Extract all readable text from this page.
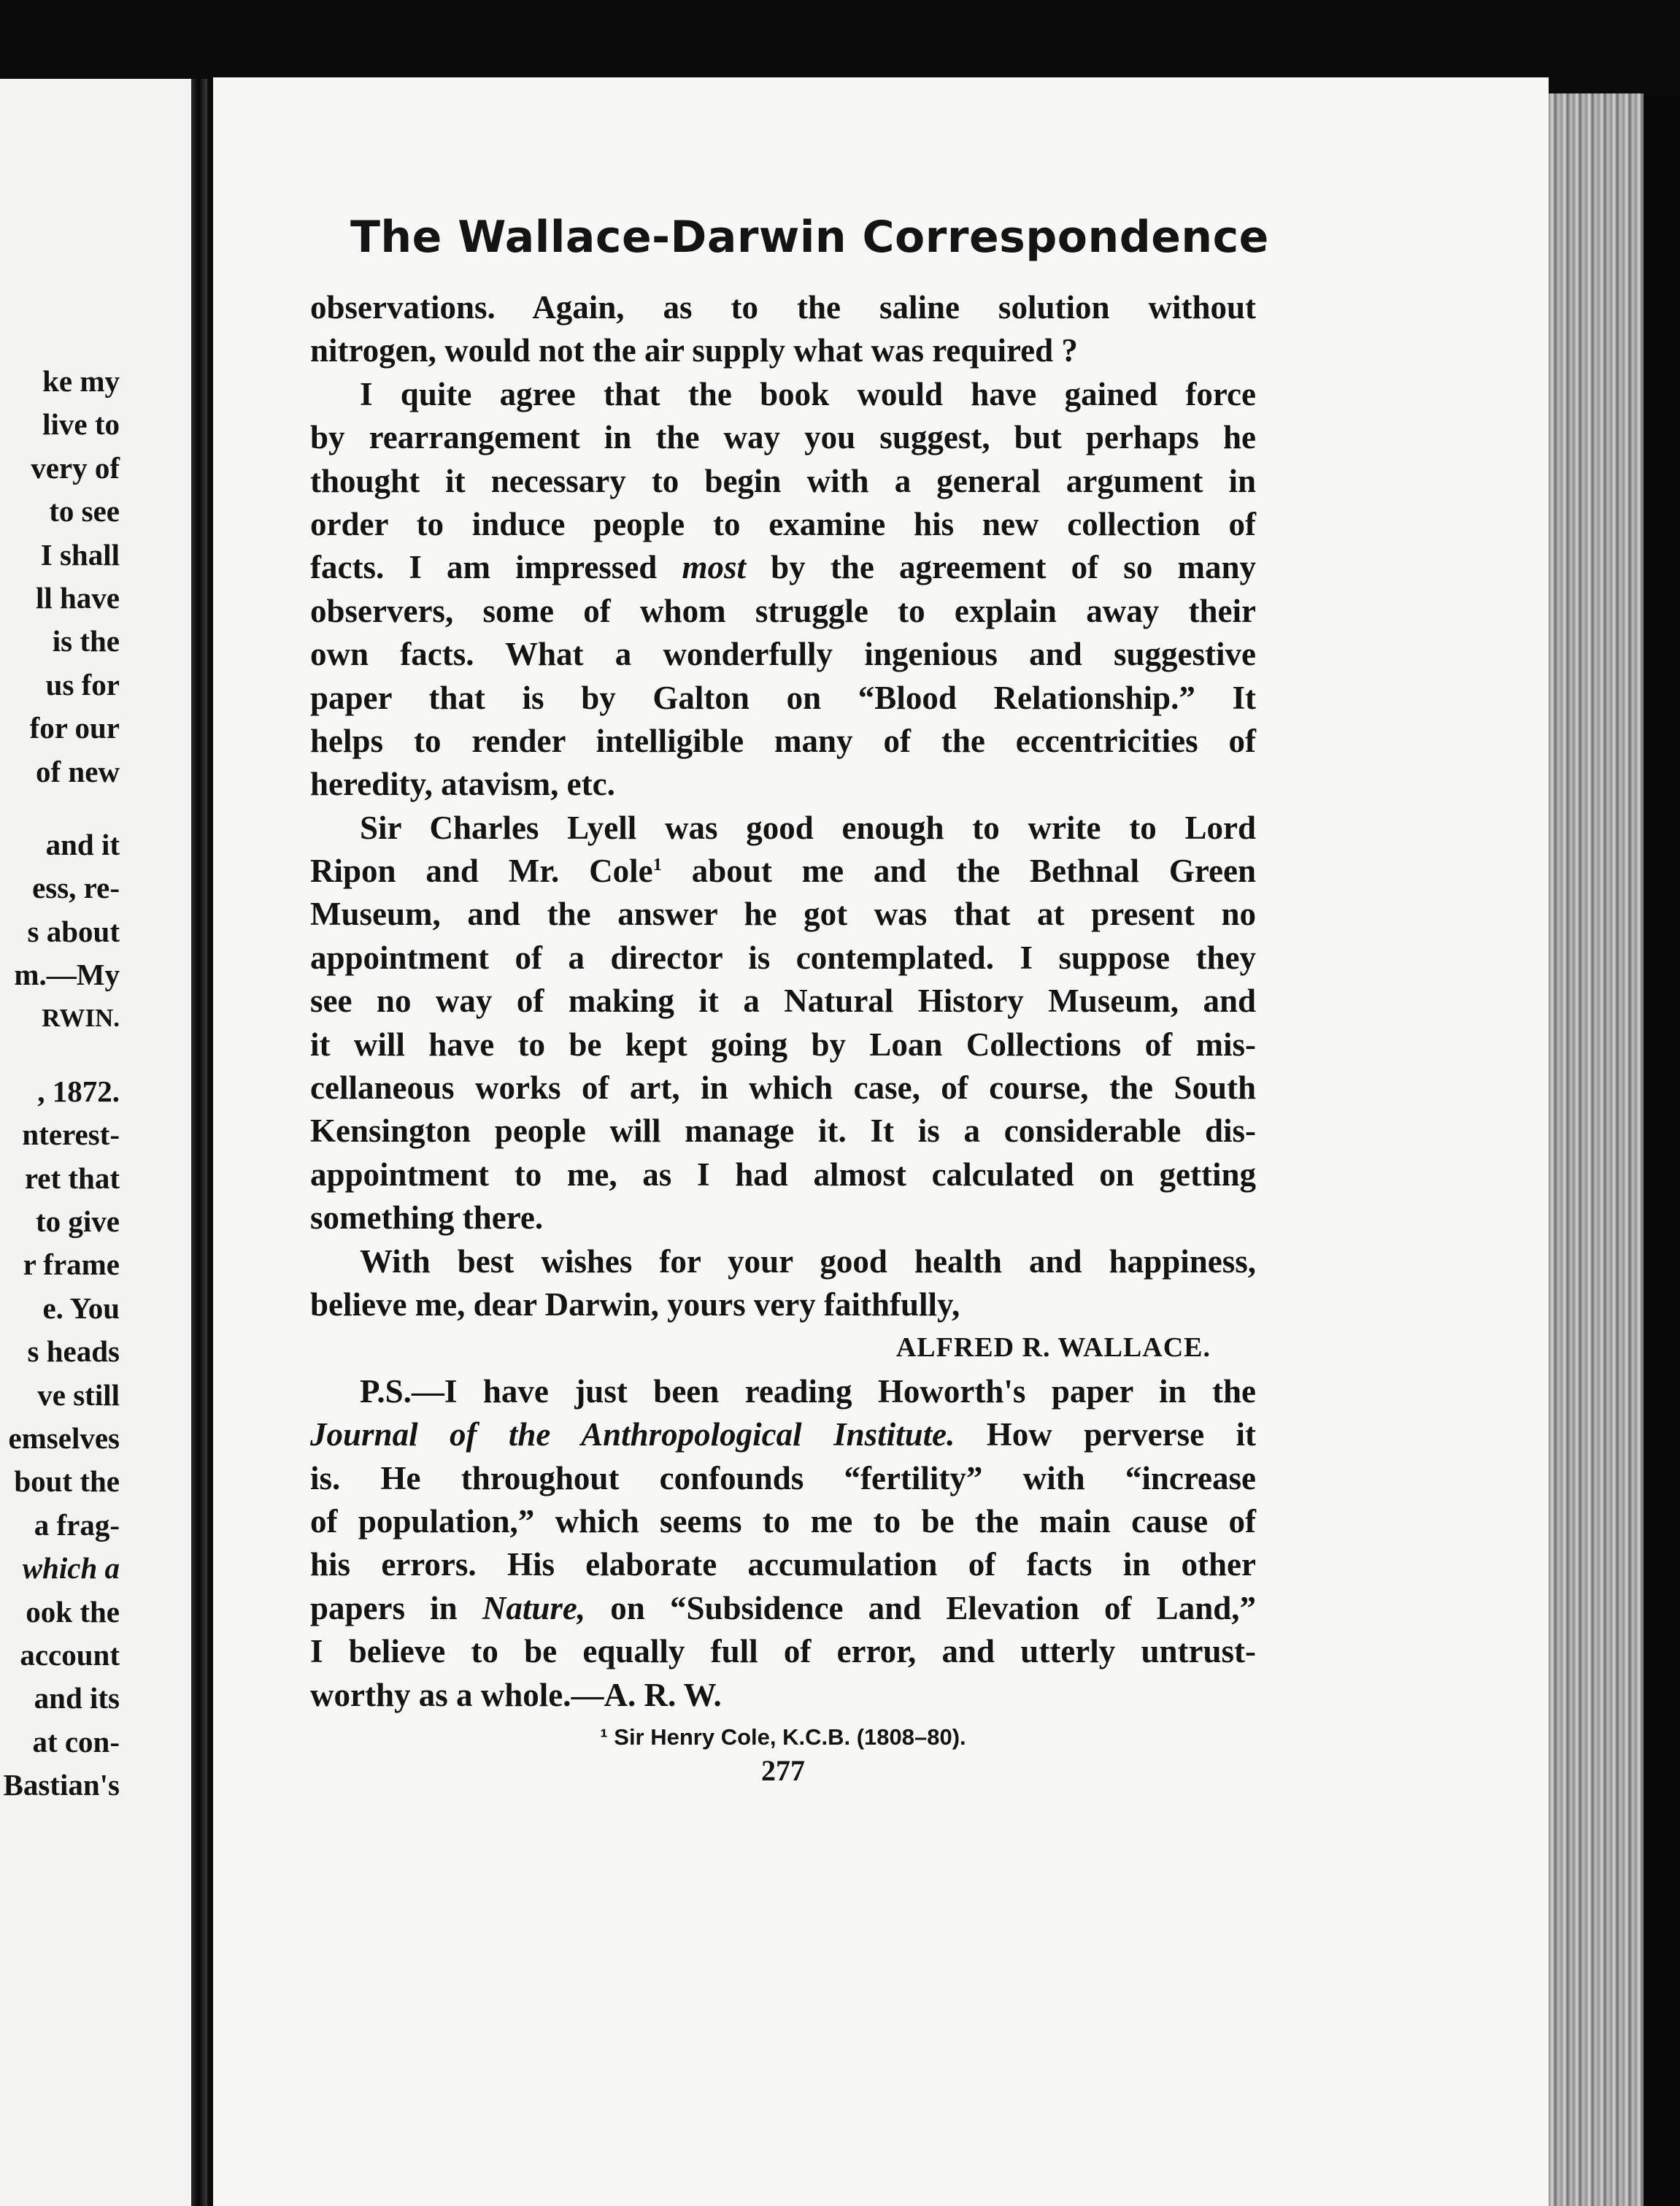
ke my
live to
very of
to see
I shall
ll have
is the
us for
for our
of new
and it
ess, re-
s about
m.—My
RWIN.
, 1872.
nterest-
ret that
to give
r frame
e. You
s heads
ve still
emselves
bout the
a frag-
which a
ook the
account
and its
at con-
Bastian's
The Wallace-Darwin Correspondence
observations. Again, as to the saline solution without
nitrogen, would not the air supply what was required ?
I quite agree that the book would have gained force
by rearrangement in the way you suggest, but perhaps he
thought it necessary to begin with a general argument in
order to induce people to examine his new collection of
facts. I am impressed most by the agreement of so many
observers, some of whom struggle to explain away their
own facts. What a wonderfully ingenious and suggestive
paper that is by Galton on “Blood Relationship.” It
helps to render intelligible many of the eccentricities of
heredity, atavism, etc.
Sir Charles Lyell was good enough to write to Lord
Ripon and Mr. Cole$^1$ about me and the Bethnal Green
Museum, and the answer he got was that at present no
appointment of a director is contemplated. I suppose they
see no way of making it a Natural History Museum, and
it will have to be kept going by Loan Collections of mis-
cellaneous works of art, in which case, of course, the South
Kensington people will manage it. It is a considerable dis-
appointment to me, as I had almost calculated on getting
something there.
With best wishes for your good health and happiness,
believe me, dear Darwin, yours very faithfully,
ALFRED R. WALLACE.
P.S.—I have just been reading Howorth's paper in the
Journal of the Anthropological Institute. How perverse it
is. He throughout confounds “fertility” with “increase
of population,” which seems to me to be the main cause of
his errors. His elaborate accumulation of facts in other
papers in Nature, on “Subsidence and Elevation of Land,”
I believe to be equally full of error, and utterly untrust-
worthy as a whole.—A. R. W.
¹ Sir Henry Cole, K.C.B. (1808–80).
277
